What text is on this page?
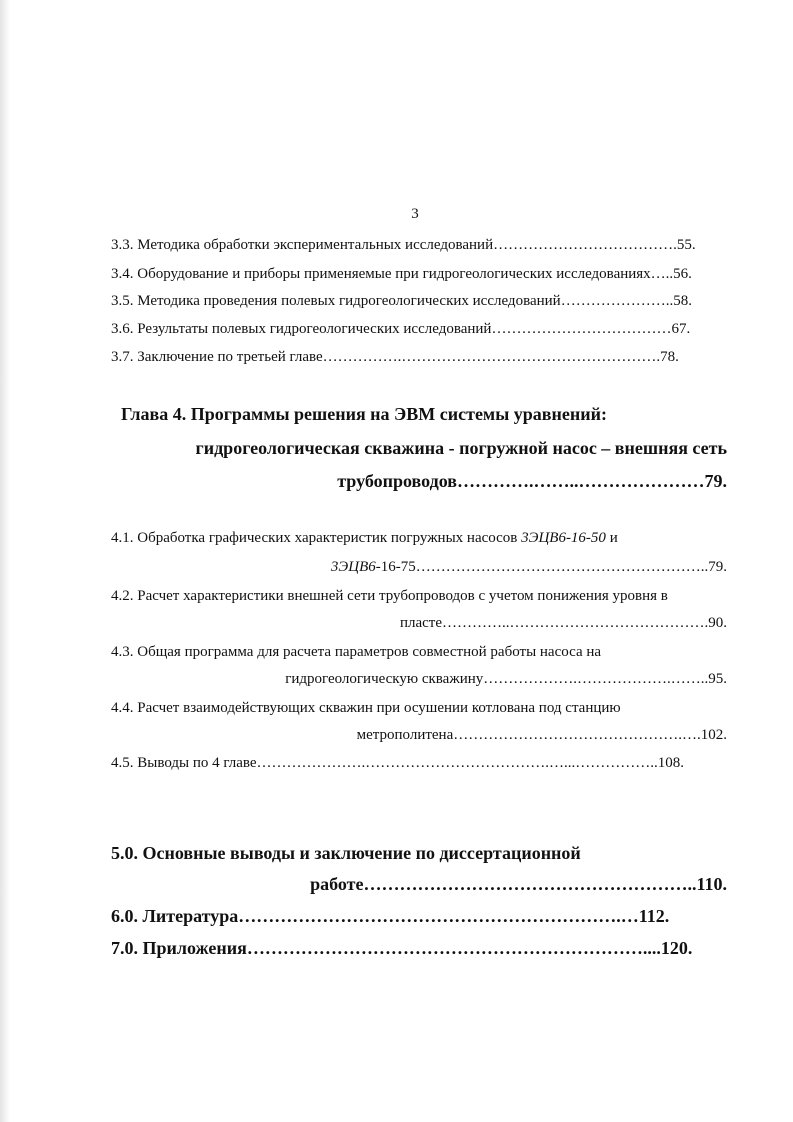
3
3.3. Методика обработки экспериментальных исследований……………………………….55.
3.4. Оборудование и приборы применяемые при гидрогеологических исследованиях…..56.
3.5. Методика проведения полевых гидрогеологических исследований…………………..58.
3.6. Результаты полевых гидрогеологических исследований………………………………67.
3.7. Заключение по третьей главе…………….…………………………………………….78.
Глава 4. Программы решения на ЭВМ системы уравнений:
гидрогеологическая скважина - погружной насос – внешняя сеть
трубопроводов………….……..…………………79.
4.1. Обработка графических характеристик погружных насосов 3ЭЦВ6-16-50 и
3ЭЦВ6-16-75…………………………………………………..79.
4.2. Расчет характеристики внешней сети трубопроводов с учетом понижения уровня в
пласте…………..………………………………….90.
4.3. Общая программа для расчета параметров совместной работы насоса на
гидрогеологическую скважину……………….……………….……..95.
4.4. Расчет взаимодействующих скважин при осушении котлована под станцию
метрополитена……………………………………….….102.
4.5. Выводы по 4 главе………………….……………………………….…...……………..108.
5.0. Основные выводы и заключение по диссертационной
работе………………………………………………..110.
6.0. Литература……………………………………………………….…112.
7.0. Приложения…………………………………………………………....120.
